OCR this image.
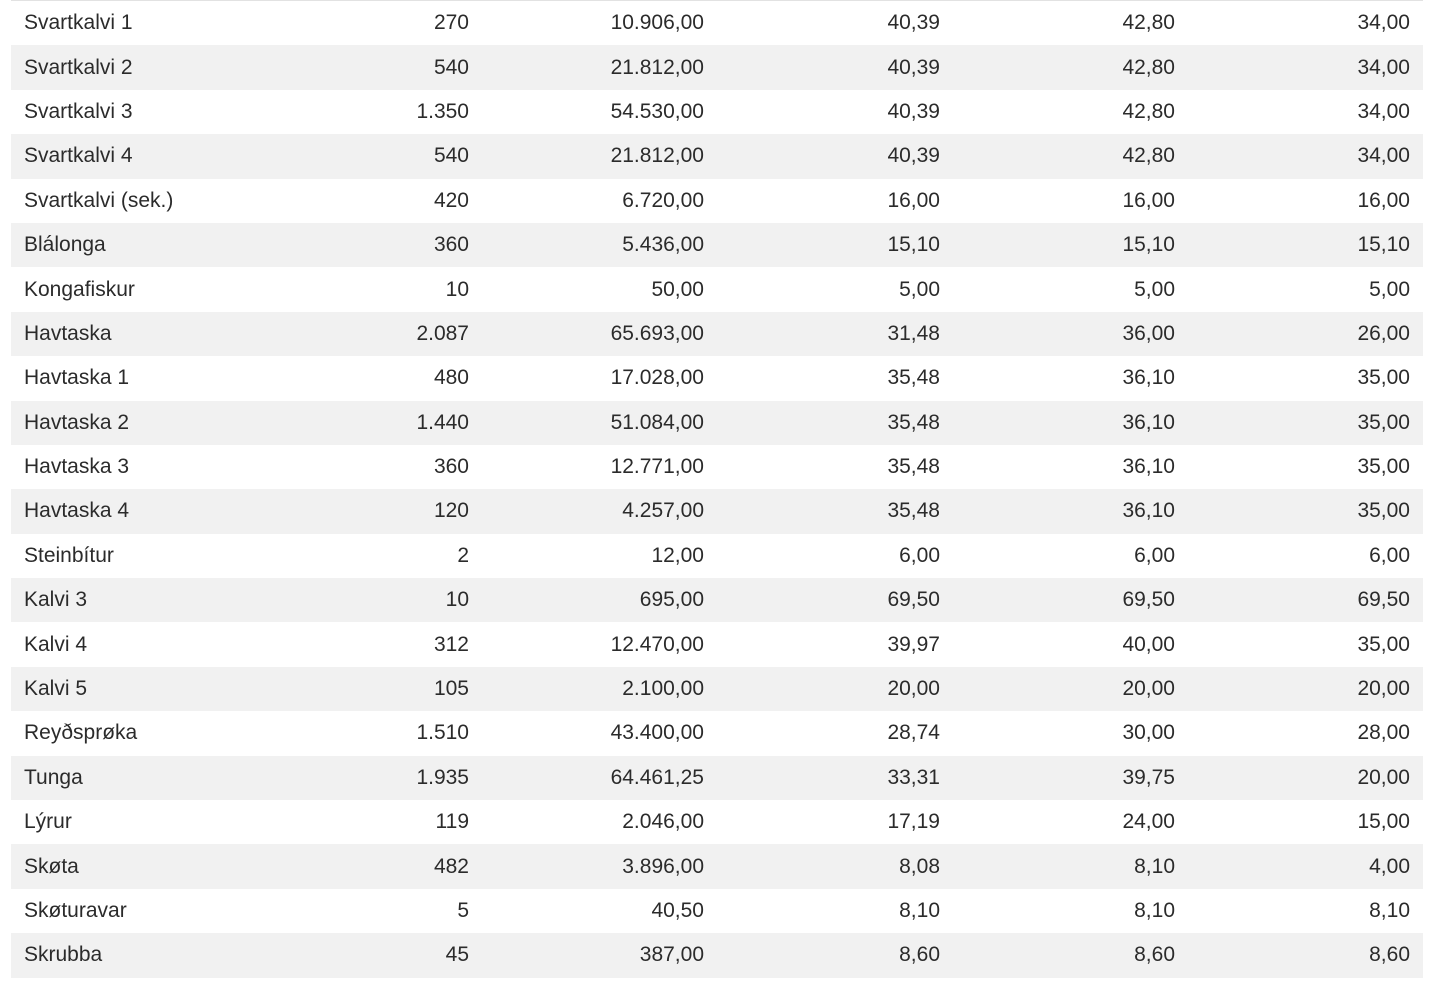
Svartkalvi 1	270	10.906,00	40,39	42,80	34,00
Svartkalvi 2	540	21.812,00	40,39	42,80	34,00
Svartkalvi 3	1.350	54.530,00	40,39	42,80	34,00
Svartkalvi 4	540	21.812,00	40,39	42,80	34,00
Svartkalvi (sek.)	420	6.720,00	16,00	16,00	16,00
Blálonga	360	5.436,00	15,10	15,10	15,10
Kongafiskur	10	50,00	5,00	5,00	5,00
Havtaska	2.087	65.693,00	31,48	36,00	26,00
Havtaska 1	480	17.028,00	35,48	36,10	35,00
Havtaska 2	1.440	51.084,00	35,48	36,10	35,00
Havtaska 3	360	12.771,00	35,48	36,10	35,00
Havtaska 4	120	4.257,00	35,48	36,10	35,00
Steinbítur	2	12,00	6,00	6,00	6,00
Kalvi 3	10	695,00	69,50	69,50	69,50
Kalvi 4	312	12.470,00	39,97	40,00	35,00
Kalvi 5	105	2.100,00	20,00	20,00	20,00
Reyðsprøka	1.510	43.400,00	28,74	30,00	28,00
Tunga	1.935	64.461,25	33,31	39,75	20,00
Lýrur	119	2.046,00	17,19	24,00	15,00
Skøta	482	3.896,00	8,08	8,10	4,00
Skøturavar	5	40,50	8,10	8,10	8,10
Skrubba	45	387,00	8,60	8,60	8,60
